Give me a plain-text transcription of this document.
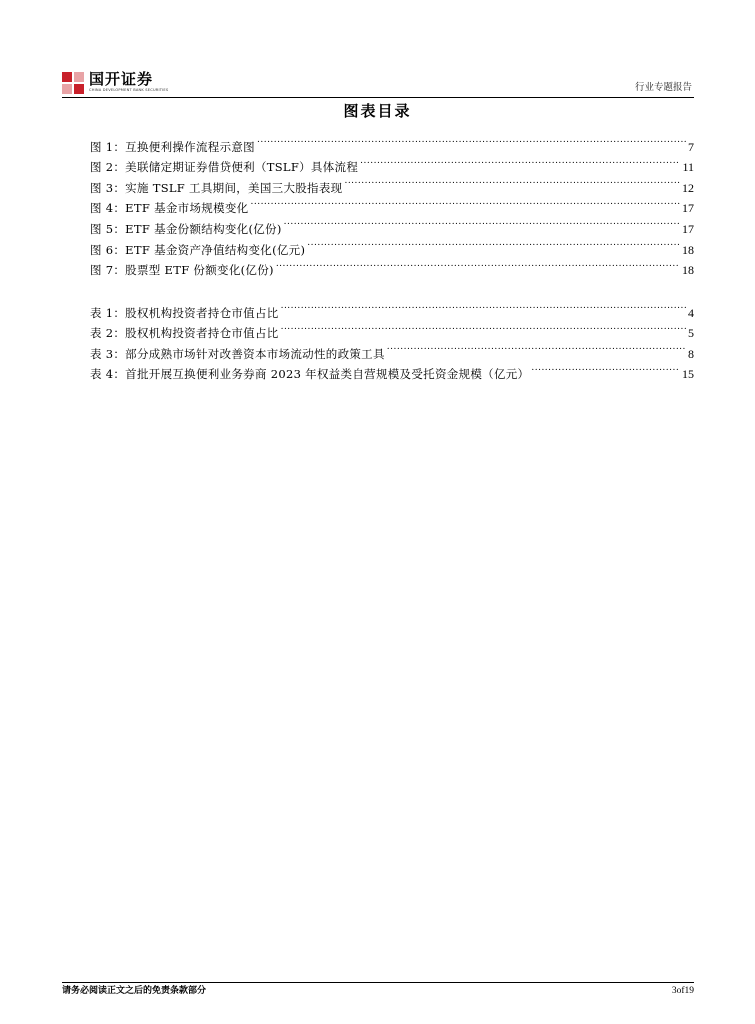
国开证券
CHINA DEVELOPMENT BANK SECURITIES	行业专题报告
图表目录
图 1：互换便利操作流程示意图 .....	7
图 2：美联储定期证券借贷便利（TSLF）具体流程 .....	11
图 3：实施 TSLF 工具期间，美国三大股指表现 .....	12
图 4：ETF 基金市场规模变化 .....	17
图 5：ETF 基金份额结构变化(亿份) .....	17
图 6：ETF 基金资产净值结构变化(亿元) .....	18
图 7：股票型 ETF 份额变化(亿份) .....	18
表 1：股权机构投资者持仓市值占比 .....	4
表 2：股权机构投资者持仓市值占比 .....	5
表 3：部分成熟市场针对改善资本市场流动性的政策工具 .....	8
表 4：首批开展互换便利业务券商 2023 年权益类自营规模及受托资金规模（亿元） .....	15
请务必阅读正文之后的免责条款部分	3of19
